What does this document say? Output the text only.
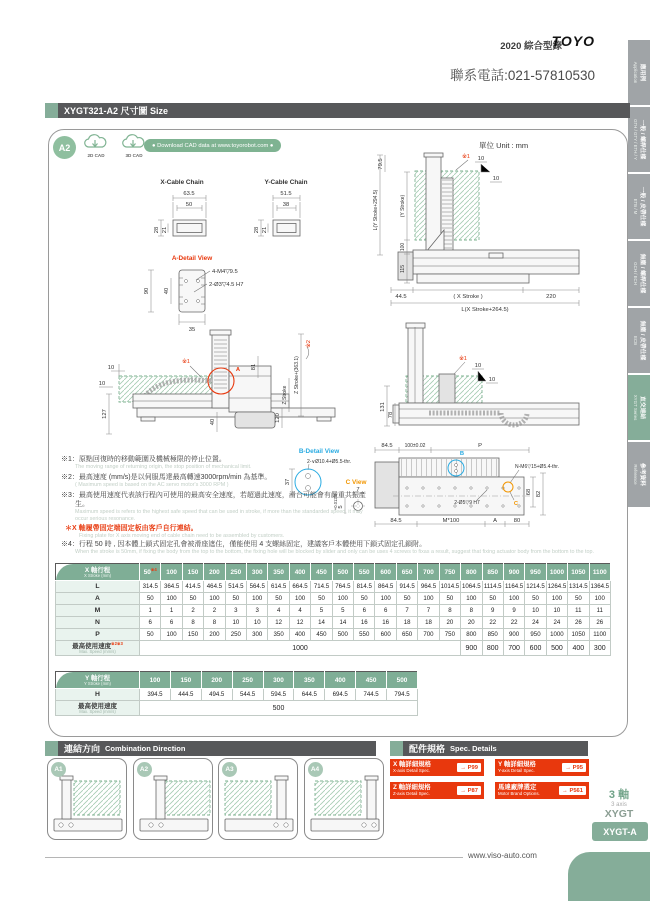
2020 綜合型錄
TOYO
聯系電話:021-57810530	應用例
Application
一般 / 螺桿仕樣
GTH / GTY / ETH / Y
一般 / 皮帶仕樣
ETB / M
無塵 / 螺桿仕樣
GCH / ECH
無塵 / 皮帶仕樣
ECB
直交連結
XYGT Series
參考資料
Reference
XYGT321-A2 尺寸圖 Size
A2
2D CAD	3D CAD
● Download CAD data at www.toyorobot.com ●	單位 Unit : mm
X-Cable Chain
63.5
50
28 21
Y-Cable Chain
51.5
38
28 21
A-Detail View
4-M4▽9.5
2-Ø3▽4.5 H7
90 40
35
A
10
10
※1
127
40
81
Z Stroke
Z Stroke+(363.1)
※2
120
L(Y Stroke+294.5)
79.5
(Y Stroke)
100
115
44.5	( X Stroke )	220
L(X Stroke+264.5)
※1 10
10
※1
10
10
131
78
B-Detail View
2-∨Ø10.4+Ø5.5-thr.
37	C View
7
5
+0.012/0
84.5 100±0.02	P
B
N-M6▽15+Ø5.4-thr.
68 82
2-Ø5▽9 H7	C
84.5	M*100	A	80
※1：原點回復時的移動範圍及機械極限的停止位置。
The moving range of returning origin, the stop position of mechanical limit.
※2：最高速度 (mm/s)是以伺服馬達最高轉速3000rpm/min 為基準。
( Maximum speed is based on the AC servo motor's 3000 RPM )
※3：最高使用速度代表該行程內可使用的最高安全速度，若超過此速度，滑台可能會有嚴重共振產生。
Maximum speed is refers to the highest safe speed that can be used in stroke, if more than the standarded speed, it may occur serious resonance.
＊X 軸履帶固定端固定板由客戶自行連結。
Fixing plate for X axis moving end of cable chain need to be assembled by customers.
※4：行程 50 時 , 因本體上鎖式固定孔會被滑座遮住，僅能使用 4 支螺絲固定，建議客戶本體使用下鎖式固定孔鎖附。
When the stroke is 50mm, if fixing the body from the top to the bottom, the fixing hole will be blocked by slider and only can be uses 4 screws to fixas a result, suggest that fixing actuator body from the bottom to the top.
X 軸行程
X Stroke (mm)	50$^{※4}$	100	150	200	250	300	350	400	450	500	550	600	650	700	750	800	850	900	950	1000	1050	1100
L	314.5	364.5	414.5	464.5	514.5	564.5	614.5	664.5	714.5	764.5	814.5	864.5	914.5	964.5	1014.5	1064.5	1114.5	1164.5	1214.5	1264.5	1314.5	1364.5
A	50	100	50	100	50	100	50	100	50	100	50	100	50	100	50	100	50	100	50	100	50	100
M	1	1	2	2	3	3	4	4	5	5	6	6	7	7	8	8	9	9	10	10	11	11
N	6	6	8	8	10	10	12	12	14	14	16	16	18	18	20	20	22	22	24	24	26	26
P	50	100	150	200	250	300	350	400	450	500	550	600	650	700	750	800	850	900	950	1000	1050	1100

最高使用速度$^{※2※3}$
Max. Speed (mm/s)	1000															900	800	700	600	500	400	300
Y 軸行程
Y Stroke (mm)	100	150	200	250	300	350	400	450	500
H	394.5	444.5	494.5	544.5	594.5	644.5	694.5	744.5	794.5

最高使用速度
Max. Speed (mm/s)	500								
連結方向 Combination Direction
A1	A2	A3	A4
配件規格 Spec. Details
X 軸詳細規格
X-axis Detail Spec.	→ P99	Y 軸詳細規格
Y-axis Detail Spec.	→ P95
Z 軸詳細規格
Z-axis Detail Spec.	→ P87	馬達廠牌選定
Motor Brand Options.	→ P561	3 軸
3 axis
XYGT
XYGT-A
www.viso-auto.com
